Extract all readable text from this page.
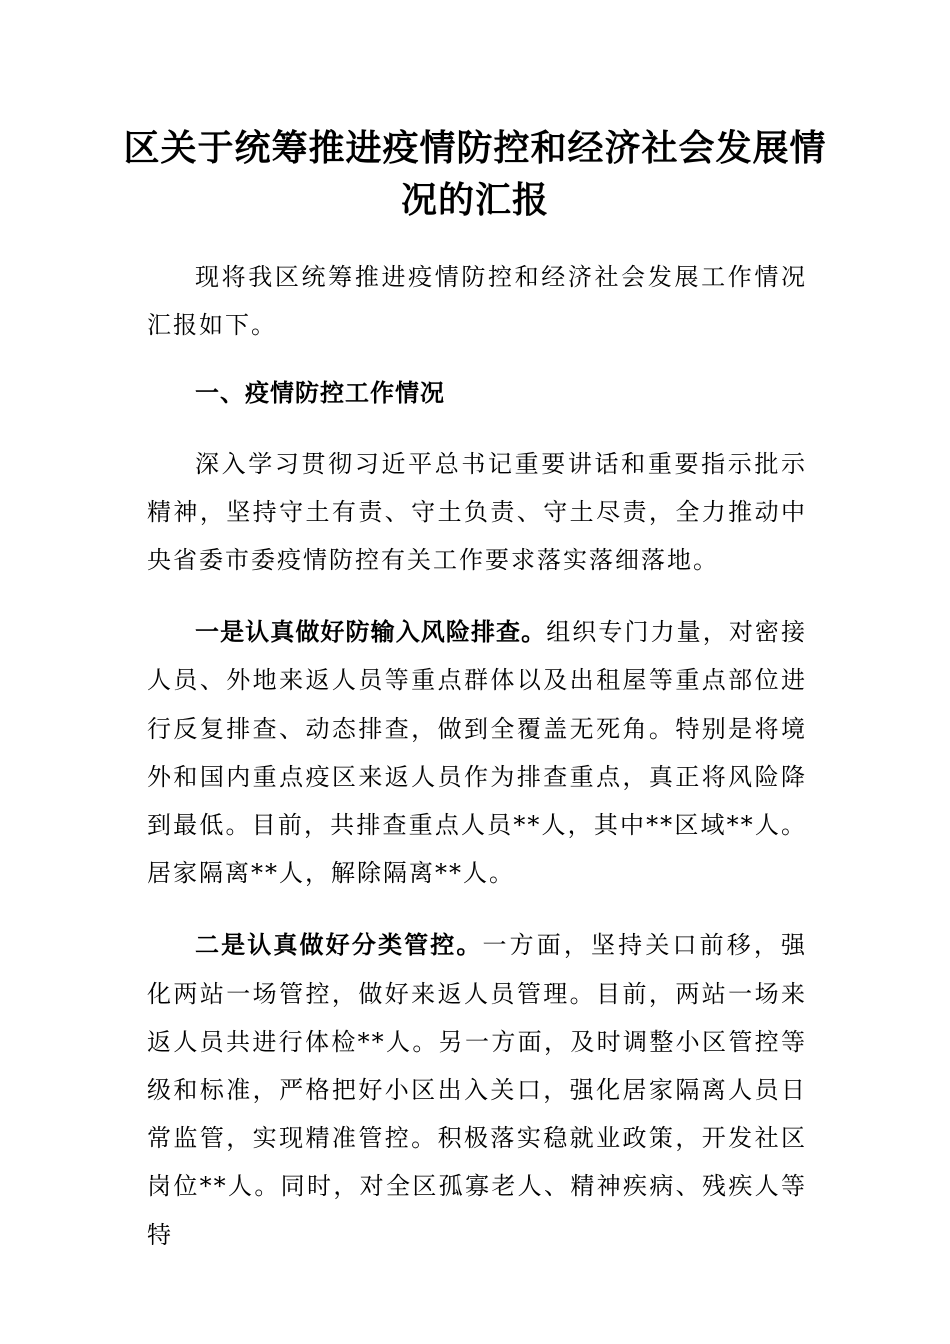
区关于统筹推进疫情防控和经济社会发展情况的汇报

现将我区统筹推进疫情防控和经济社会发展工作情况汇报如下。

一、疫情防控工作情况

深入学习贯彻习近平总书记重要讲话和重要指示批示精神，坚持守土有责、守土负责、守土尽责，全力推动中央省委市委疫情防控有关工作要求落实落细落地。

一是认真做好防输入风险排查。组织专门力量，对密接人员、外地来返人员等重点群体以及出租屋等重点部位进行反复排查、动态排查，做到全覆盖无死角。特别是将境外和国内重点疫区来返人员作为排查重点，真正将风险降到最低。目前，共排查重点人员**人，其中**区域**人。居家隔离**人，解除隔离**人。

二是认真做好分类管控。一方面，坚持关口前移，强化两站一场管控，做好来返人员管理。目前，两站一场来返人员共进行体检**人。另一方面，及时调整小区管控等级和标准，严格把好小区出入关口，强化居家隔离人员日常监管，实现精准管控。积极落实稳就业政策，开发社区岗位**人。同时，对全区孤寡老人、精神疾病、残疾人等特
